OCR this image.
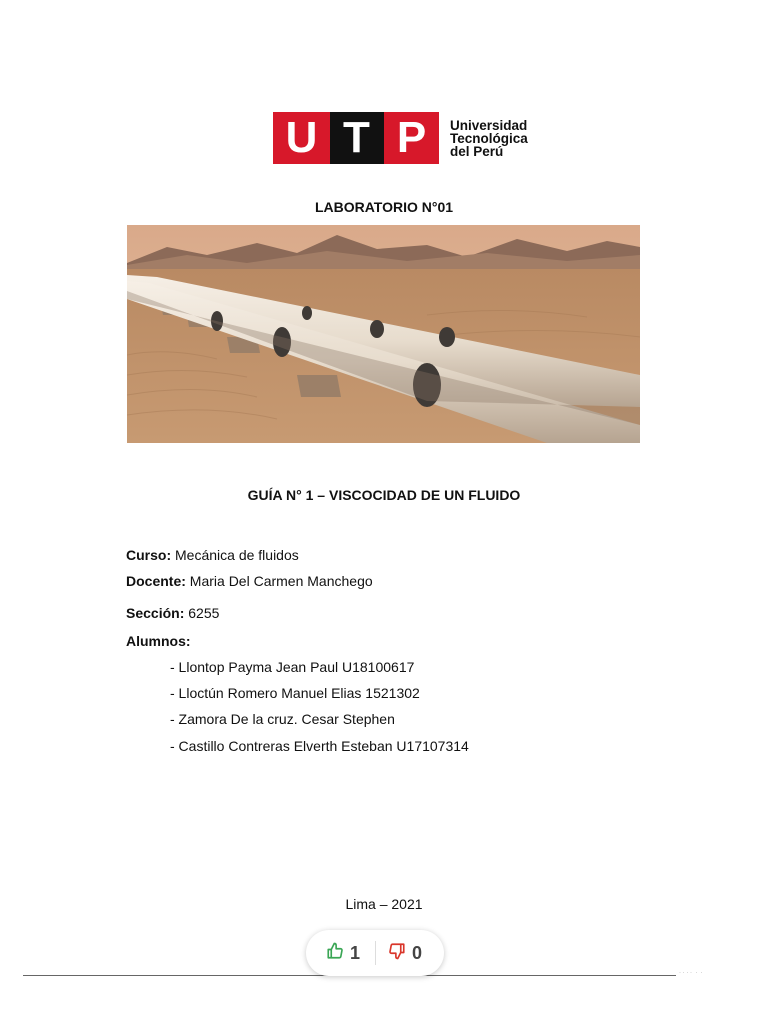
U T P	Universidad
Tecnológica
del Perú
LABORATORIO N°01
GUÍA N° 1 – VISCOCIDAD DE UN FLUIDO
Curso: Mecánica de fluidos
Docente: Maria Del Carmen Manchego
Sección: 6255
Alumnos:
- Llontop Payma Jean Paul U18100617
- Lloctún Romero Manuel Elias 1521302
- Zamora De la cruz. Cesar Stephen
- Castillo Contreras Elverth Esteban U17107314
Lima – 2021
· · · ·  ·  ·
1	0
